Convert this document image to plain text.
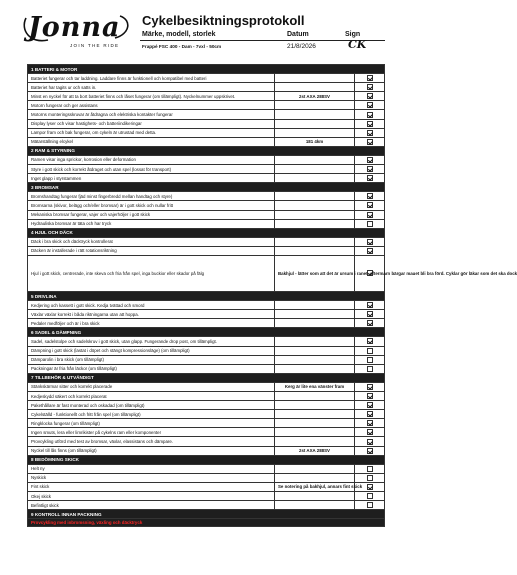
Jonna
JOIN THE RIDE
Cykelbesiktningsprotokoll
Märke, modell, storlek
Frappé FSC 400 - Dam - 7vxl - 50cm
Datum
21/8/2026
Sign
CK
1 BATTERI & MOTOR		
Batteriet fungerar och tar laddning. Laddare finns är funktionell och kompatibel med batteri		
Batteriet har tagits ur och satts in.		
Minst en nyckel för att ta bort batteriet finns och låset fungerar (om tillämpligt). Nyckelnummer uppskrivet.	2st AXA 288SV	
Motorn fungerar och ger assistans		
Motorns monteringsskruvar är åtdragna och elektriska kontakter fungerar		
Display lyser och visar hastighets- och batteriindikeringar		
Lampor fram och bak fungerar, om cykeln är utrustad med detta.		
Mätarställning elcykel	181 4km	
2 RAM & STYRNING		
Ramen visar inga sprickor, korrosion eller deformation		
Styre i gott skick och korrekt åtdraget och utan spel (lossat för transport)		
Inget glapp i styrstammen		
3 BROMSAR		
Bromshandtag fungerar fjäd minst fingerbredd mellan handtag och styre)		
Bromsarna (skivor, belägg och/eller bromsar) är i gott skick och nullar fritt		
Mekaniska bromsar fungerar, vajer och vajerhöljer i gott skick		
Hydrauliska bromsar är täta och har tryck		
4 HJUL OCH DÄCK		
Däck i bra skick och däcktryck kontrollerat		
Däcken är installerade i rätt rotationsriktning		
Hjul i gott skick, centrerade, inte skeva och fria från spel, inga buckior eller skador på fälg	Bakhjul - lätter som att det är ursum i ranet, eftermarn bärgar mauet bli bra förd. Cyklar gör läkar som det ska dock	
5 DRIVLINA		
Kedjering och kassett i gott skick. Kedja tvättad och smord		
Växlar växlar korrekt i båda riktningarna utan att hoppa.		
Pedaler medföljer och är i bra skick		
6 SADEL & DÄMPNING		
Sadel, sadelstolpe och sadelskruv i gott skick, utan glapp. Fungerande drop post, om tillämpligt.		
Dämpning i gott skick (lastat i döpet och stängt kompressionsläge) (om tillämpligt)		
Dämparolin i bra skick (om tillämpligt)		
Packningar är fria från läckor (om tillämpligt)		
7 TILLBEHÖR & UTVÄNDIGT		
Stänkskärmar sitter och korrekt placerade	Kerg är lite ena vänster fram	
Kedjeskydd säkert och korrekt placerat		
Pakethållare är fast monterad och oskadad (om tillämpligt)		
Cykelställd - funktionellt och fritt från spel (om tillämpligt)		
Ringklocka fungerar (om tillämpligt)		
Ingen smuts, lera eller limrikister på cykelns ram eller komponenter		
Provcykling utförd med test av bromsar, växlar, elassistans och dämpare.		
Nyckel till lås finns (om tillämpligt)	2st AXA 288SV	
8 BEDÖMNING SKICK		
Helt ny		
Nyskick		
Fint skick	Se notering på bakhjul, annars fint skick	
Okej skick		
Befintligt skick		
9 KONTROLL INNAN PACKNING		
Provcykling med inbromsning, växling och däcktryck		
